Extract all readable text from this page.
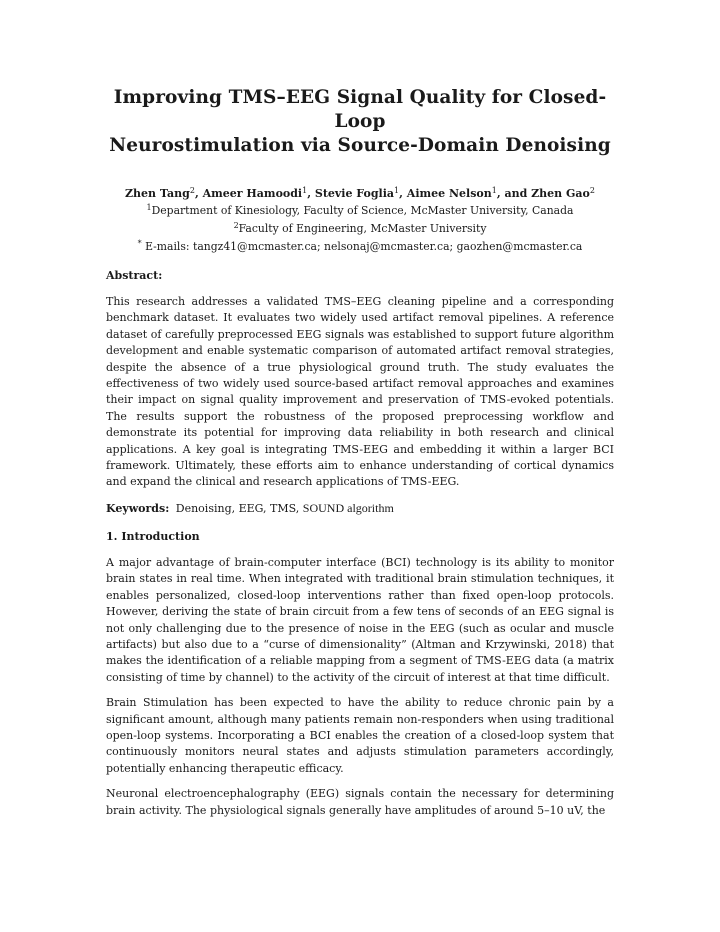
Improving TMS–EEG Signal Quality for Closed-Loop
Neurostimulation via Source-Domain Denoising
Zhen Tang$^2$, Ameer Hamoodi$^1$, Stevie Foglia$^1$, Aimee Nelson$^1$, and Zhen Gao$^2$
$^1$Department of Kinesiology, Faculty of Science, McMaster University, Canada
$^2$Faculty of Engineering, McMaster University
* E-mails: tangz41@mcmaster.ca; nelsonaj@mcmaster.ca; gaozhen@mcmaster.ca
Abstract:

This research addresses a validated TMS–EEG cleaning pipeline and a corresponding benchmark dataset. It evaluates two widely used artifact removal pipelines. A reference dataset of carefully preprocessed EEG signals was established to support future algorithm development and enable systematic comparison of automated artifact removal strategies, despite the absence of a true physiological ground truth. The study evaluates the effectiveness of two widely used source-based artifact removal approaches and examines their impact on signal quality improvement and preservation of TMS-evoked potentials. The results support the robustness of the proposed preprocessing workflow and demonstrate its potential for improving data reliability in both research and clinical applications. A key goal is integrating TMS-EEG and embedding it within a larger BCI framework. Ultimately, these efforts aim to enhance understanding of cortical dynamics and expand the clinical and research applications of TMS-EEG.

Keywords: Denoising, EEG, TMS, SOUND algorithm
1. Introduction

A major advantage of brain-computer interface (BCI) technology is its ability to monitor brain states in real time. When integrated with traditional brain stimulation techniques, it enables personalized, closed-loop interventions rather than fixed open-loop protocols. However, deriving the state of brain circuit from a few tens of seconds of an EEG signal is not only challenging due to the presence of noise in the EEG (such as ocular and muscle artifacts) but also due to a “curse of dimensionality” (Altman and Krzywinski, 2018) that makes the identification of a reliable mapping from a segment of TMS-EEG data (a matrix consisting of time by channel) to the activity of the circuit of interest at that time difficult.

Brain Stimulation has been expected to have the ability to reduce chronic pain by a significant amount, although many patients remain non-responders when using traditional open-loop systems. Incorporating a BCI enables the creation of a closed-loop system that continuously monitors neural states and adjusts stimulation parameters accordingly, potentially enhancing therapeutic efficacy.

Neuronal electroencephalography (EEG) signals contain the necessary for determining brain activity. The physiological signals generally have amplitudes of around 5–10 uV, the
